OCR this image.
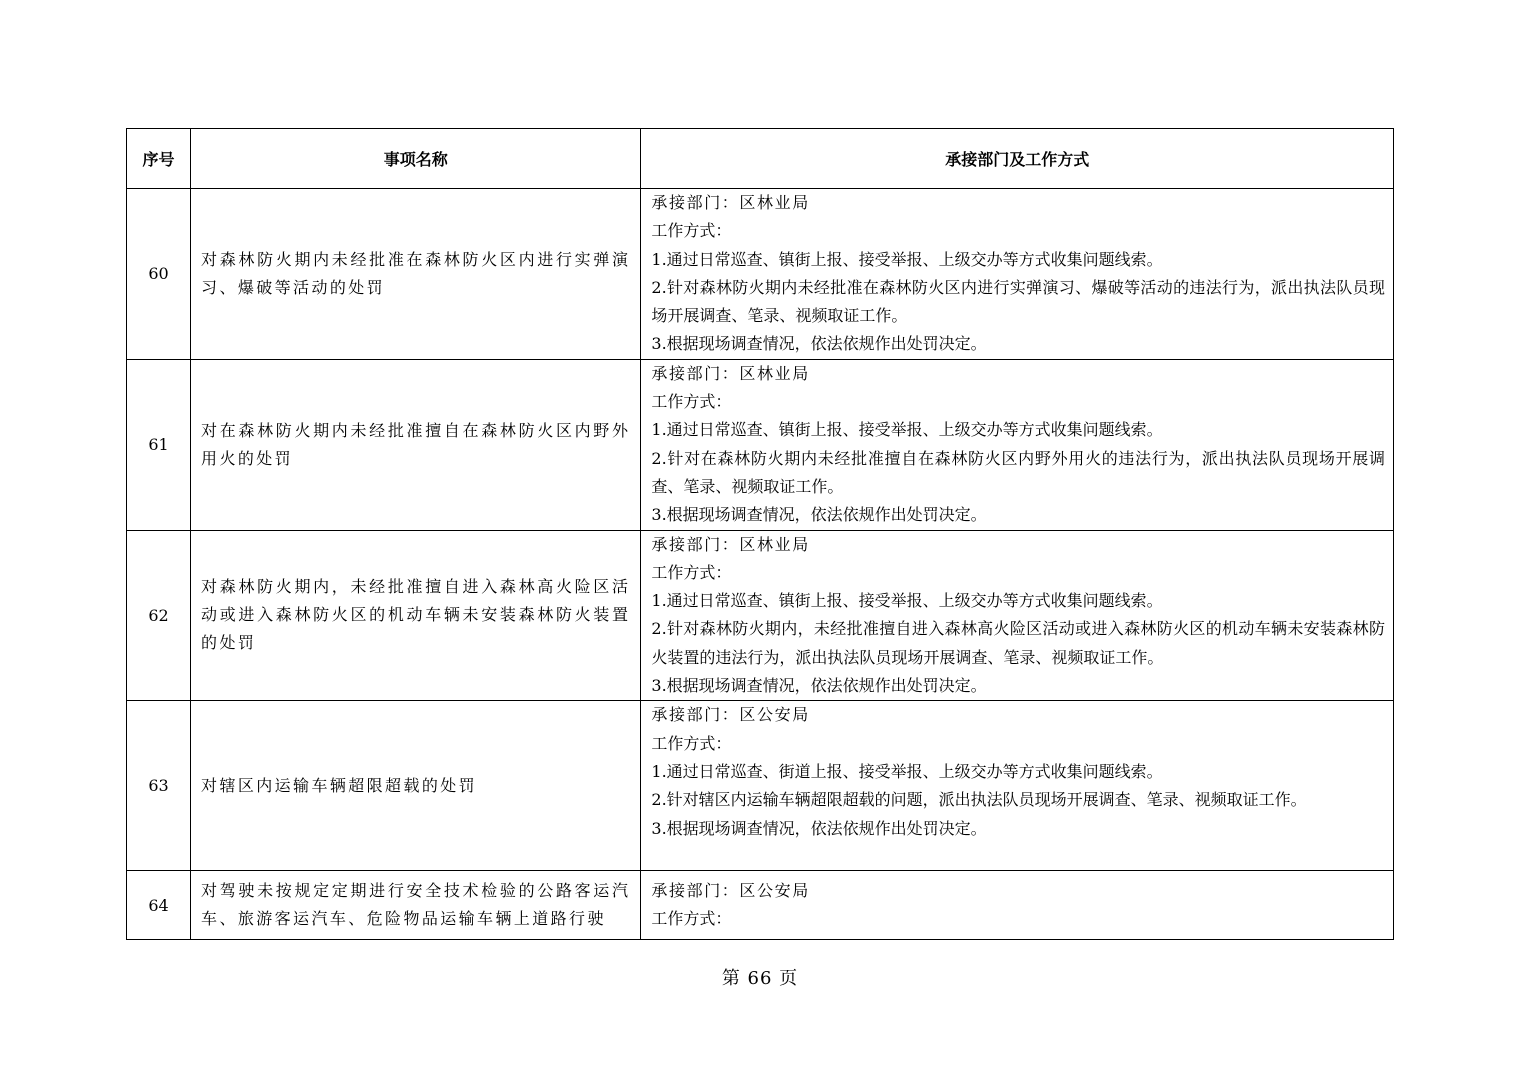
序号	事项名称	承接部门及工作方式
60	对森林防火期内未经批准在森林防火区内进行实弹演习、爆破等活动的处罚	承接部门：区林业局
工作方式：
1.通过日常巡查、镇街上报、接受举报、上级交办等方式收集问题线索。
2.针对森林防火期内未经批准在森林防火区内进行实弹演习、爆破等活动的违法行为，派出执法队员现场开展调查、笔录、视频取证工作。
3.根据现场调查情况，依法依规作出处罚决定。

61	对在森林防火期内未经批准擅自在森林防火区内野外用火的处罚	承接部门：区林业局
工作方式：
1.通过日常巡查、镇街上报、接受举报、上级交办等方式收集问题线索。
2.针对在森林防火期内未经批准擅自在森林防火区内野外用火的违法行为，派出执法队员现场开展调查、笔录、视频取证工作。
3.根据现场调查情况，依法依规作出处罚决定。

62	对森林防火期内，未经批准擅自进入森林高火险区活动或进入森林防火区的机动车辆未安装森林防火装置的处罚	承接部门：区林业局
工作方式：
1.通过日常巡查、镇街上报、接受举报、上级交办等方式收集问题线索。
2.针对森林防火期内，未经批准擅自进入森林高火险区活动或进入森林防火区的机动车辆未安装森林防火装置的违法行为，派出执法队员现场开展调查、笔录、视频取证工作。
3.根据现场调查情况，依法依规作出处罚决定。

63	对辖区内运输车辆超限超载的处罚	承接部门：区公安局
工作方式：
1.通过日常巡查、街道上报、接受举报、上级交办等方式收集问题线索。
2.针对辖区内运输车辆超限超载的问题，派出执法队员现场开展调查、笔录、视频取证工作。
3.根据现场调查情况，依法依规作出处罚决定。

64	对驾驶未按规定定期进行安全技术检验的公路客运汽车、旅游客运汽车、危险物品运输车辆上道路行驶	承接部门：区公安局
工作方式：
第 66 页
